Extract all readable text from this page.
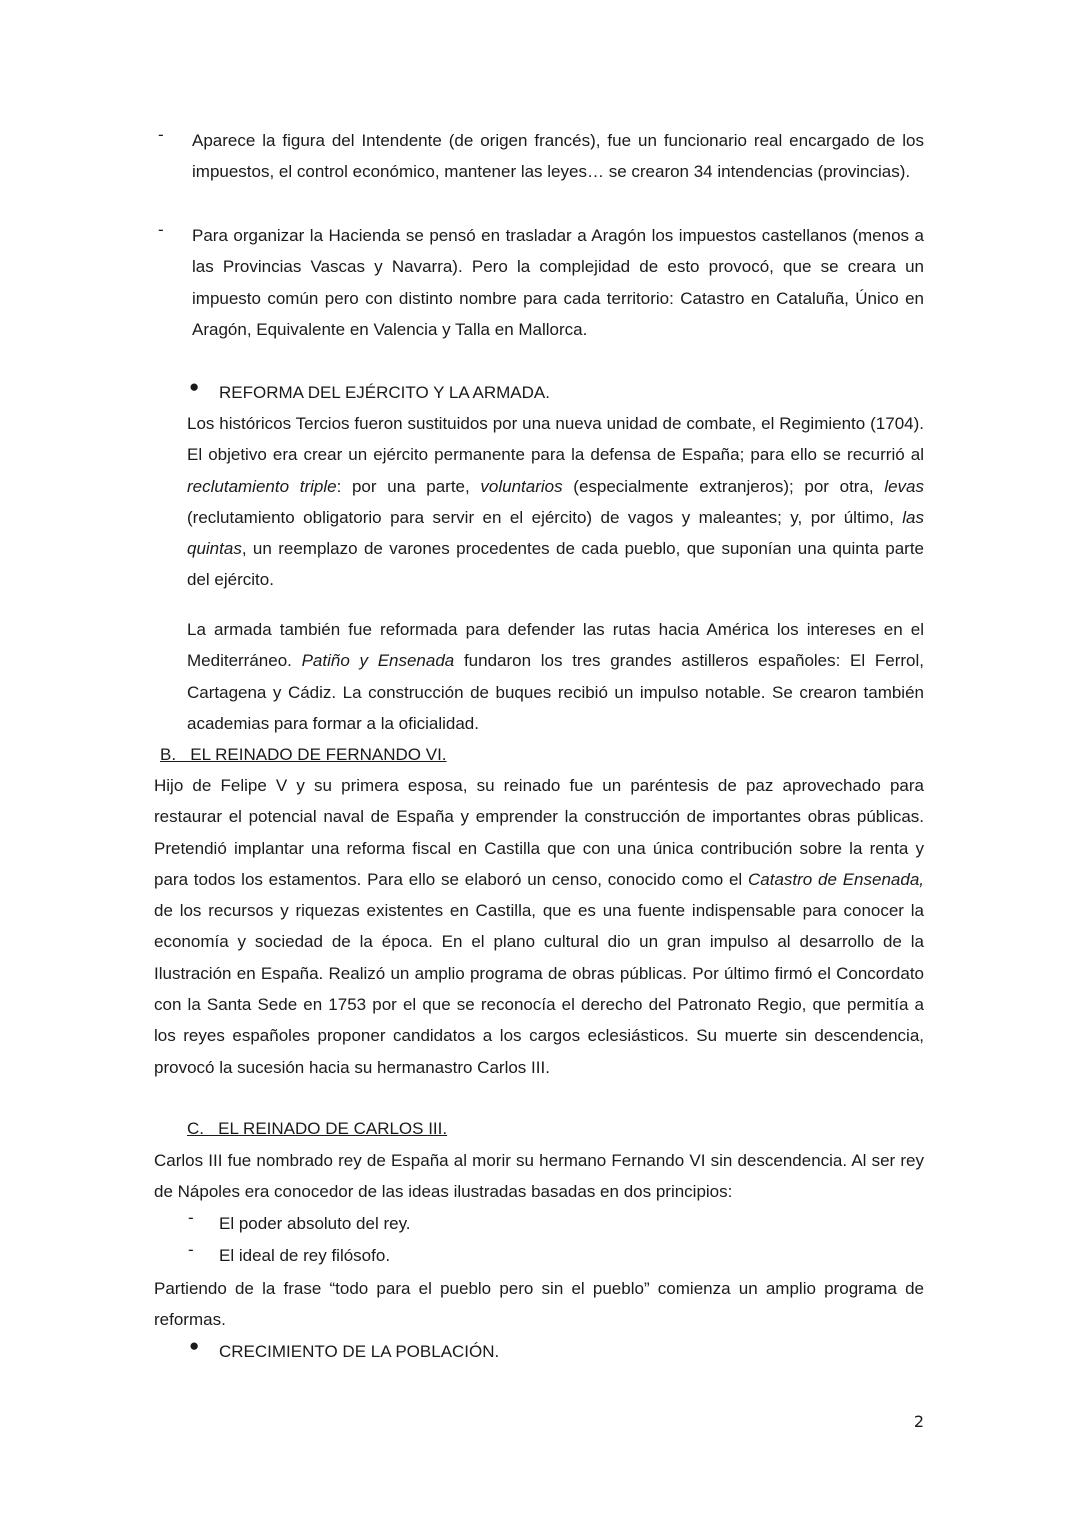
- Aparece la figura del Intendente (de origen francés), fue un funcionario real encargado de los impuestos, el control económico, mantener las leyes… se crearon 34 intendencias (provincias).

- Para organizar la Hacienda se pensó en trasladar a Aragón los impuestos castellanos (menos a las Provincias Vascas y Navarra). Pero la complejidad de esto provocó, que se creara un impuesto común pero con distinto nombre para cada territorio: Catastro en Cataluña, Único en Aragón, Equivalente en Valencia y Talla en Mallorca.

● REFORMA DEL EJÉRCITO Y LA ARMADA.

Los históricos Tercios fueron sustituidos por una nueva unidad de combate, el Regimiento (1704). El objetivo era crear un ejército permanente para la defensa de España; para ello se recurrió al reclutamiento triple: por una parte, voluntarios (especialmente extranjeros); por otra, levas (reclutamiento obligatorio para servir en el ejército) de vagos y maleantes; y, por último, las quintas, un reemplazo de varones procedentes de cada pueblo, que suponían una quinta parte del ejército.

La armada también fue reformada para defender las rutas hacia América los intereses en el Mediterráneo. Patiño y Ensenada fundaron los tres grandes astilleros españoles: El Ferrol, Cartagena y Cádiz. La construcción de buques recibió un impulso notable. Se crearon también academias para formar a la oficialidad.

B.   EL REINADO DE FERNANDO VI.

Hijo de Felipe V y su primera esposa, su reinado fue un paréntesis de paz aprovechado para restaurar el potencial naval de España y emprender la construcción de importantes obras públicas. Pretendió implantar una reforma fiscal en Castilla que con una única contribución sobre la renta y para todos los estamentos. Para ello se elaboró un censo, conocido como el Catastro de Ensenada, de los recursos y riquezas existentes en Castilla, que es una fuente indispensable para conocer la economía y sociedad de la época. En el plano cultural dio un gran impulso al desarrollo de la Ilustración en España. Realizó un amplio programa de obras públicas. Por último firmó el Concordato con la Santa Sede en 1753 por el que se reconocía el derecho del Patronato Regio, que permitía a los reyes españoles proponer candidatos a los cargos eclesiásticos. Su muerte sin descendencia, provocó la sucesión hacia su hermanastro Carlos III.

C.   EL REINADO DE CARLOS III.

Carlos III fue nombrado rey de España al morir su hermano Fernando VI sin descendencia. Al ser rey de Nápoles era conocedor de las ideas ilustradas basadas en dos principios:

- El poder absoluto del rey.

- El ideal de rey filósofo.

Partiendo de la frase “todo para el pueblo pero sin el pueblo” comienza un amplio programa de reformas.

● CRECIMIENTO DE LA POBLACIÓN.

2
